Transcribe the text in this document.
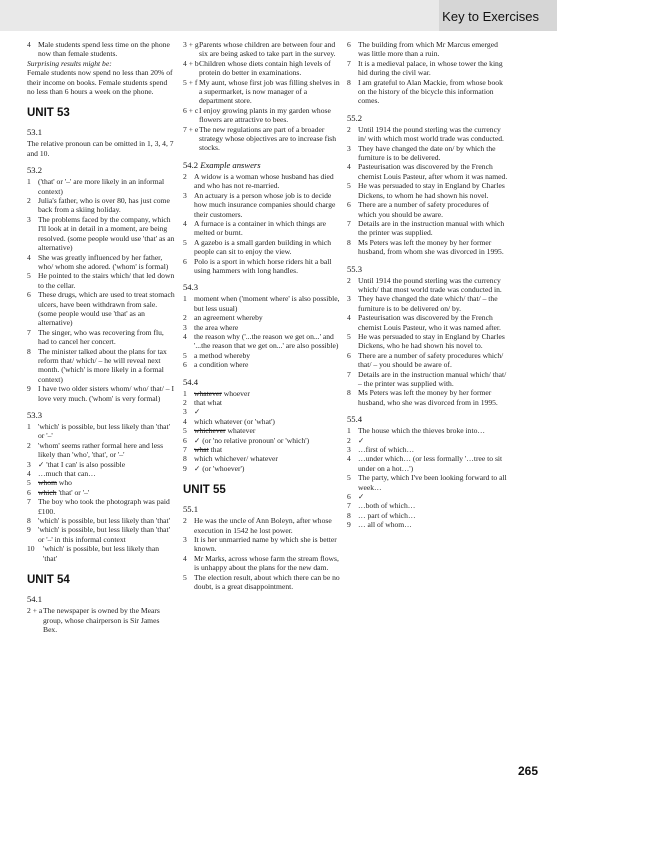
Key to Exercises
4 Male students spend less time on the phone now than female students.
Surprising results might be:
Female students now spend no less than 20% of their income on books. Female students spend no less than 6 hours a week on the phone.
UNIT 53
53.1
The relative pronoun can be omitted in 1, 3, 4, 7 and 10.
53.2
1 ('that' or '–' are more likely in an informal context)
2 Julia's father, who is over 80, has just come back from a skiing holiday.
3 The problems faced by the company, which I'll look at in detail in a moment, are being resolved. (some people would use 'that' as an alternative)
4 She was greatly influenced by her father, who/ whom she adored. ('whom' is formal)
5 He pointed to the stairs which/ that led down to the cellar.
6 These drugs, which are used to treat stomach ulcers, have been withdrawn from sale. (some people would use 'that' as an alternative)
7 The singer, who was recovering from flu, had to cancel her concert.
8 The minister talked about the plans for tax reform that/ which/ – he will reveal next month. ('which' is more likely in a formal context)
9 I have two older sisters whom/ who/ that/ – I love very much. ('whom' is very formal)
53.3
1 'which' is possible, but less likely than 'that' or '–'
2 'whom' seems rather formal here and less likely than 'who', 'that', or '–'
3 ✓ 'that I can' is also possible
4 …much that can…
5 whom who
6 which 'that' or '–'
7 The boy who took the photograph was paid £100.
8 'which' is possible, but less likely than 'that'
9 'which' is possible, but less likely than 'that' or '–' in this informal context
10	'which' is possible, but less likely than 'that'
UNIT 54
54.1
2 + a The newspaper is owned by the Mears group, whose chairperson is Sir James Bex.
3 + g Parents whose children are between four and six are being asked to take part in the survey.
4 + b Children whose diets contain high levels of protein do better in examinations.
5 + f My aunt, whose first job was filling shelves in a supermarket, is now manager of a department store.
6 + c I enjoy growing plants in my garden whose flowers are attractive to bees.
7 + e The new regulations are part of a broader strategy whose objectives are to increase fish stocks.
54.2 Example answers
2 A widow is a woman whose husband has died and who has not re-married.
3 An actuary is a person whose job is to decide how much insurance companies should charge their customers.
4 A furnace is a container in which things are melted or burnt.
5 A gazebo is a small garden building in which people can sit to enjoy the view.
6 Polo is a sport in which horse riders hit a ball using hammers with long handles.
54.3
1 moment when ('moment where' is also possible, but less usual)
2 an agreement whereby
3 the area where
4 the reason why ('...the reason we get on...' and '...the reason that we get on...' are also possible)
5 a method whereby
6 a condition where
54.4
1 whatever whoever
2 that what
3 ✓
4 which whatever (or 'what')
5 whichever whatever
6 ✓ (or 'no relative pronoun' or 'which')
7 what that
8 which whichever/ whatever
9 ✓ (or 'whoever')
UNIT 55
55.1
2 He was the uncle of Ann Boleyn, after whose execution in 1542 he lost power.
3 It is her unmarried name by which she is better known.
4 Mr Marks, across whose farm the stream flows, is unhappy about the plans for the new dam.
5 The election result, about which there can be no doubt, is a great disappointment.
6 The building from which Mr Marcus emerged was little more than a ruin.
7 It is a medieval palace, in whose tower the king hid during the civil war.
8 I am grateful to Alan Mackie, from whose book on the history of the bicycle this information comes.
55.2
2 Until 1914 the pound sterling was the currency in/ with which most world trade was conducted.
3 They have changed the date on/ by which the furniture is to be delivered.
4 Pasteurisation was discovered by the French chemist Louis Pasteur, after whom it was named.
5 He was persuaded to stay in England by Charles Dickens, to whom he had shown his novel.
6 There are a number of safety procedures of which you should be aware.
7 Details are in the instruction manual with which the printer was supplied.
8 Ms Peters was left the money by her former husband, from whom she was divorced in 1995.
55.3
2 Until 1914 the pound sterling was the currency which/ that most world trade was conducted in.
3 They have changed the date which/ that/ – the furniture is to be delivered on/ by.
4 Pasteurisation was discovered by the French chemist Louis Pasteur, who it was named after.
5 He was persuaded to stay in England by Charles Dickens, who he had shown his novel to.
6 There are a number of safety procedures which/ that/ – you should be aware of.
7 Details are in the instruction manual which/ that/ – the printer was supplied with.
8 Ms Peters was left the money by her former husband, who she was divorced from in 1995.
55.4
1 The house which the thieves broke into…
2 ✓
3 …first of which…
4 …under which… (or less formally '…tree to sit under on a hot…')
5 The party, which I've been looking forward to all week…
6 ✓
7 …both of which…
8 … part of which…
9 … all of whom…
265
